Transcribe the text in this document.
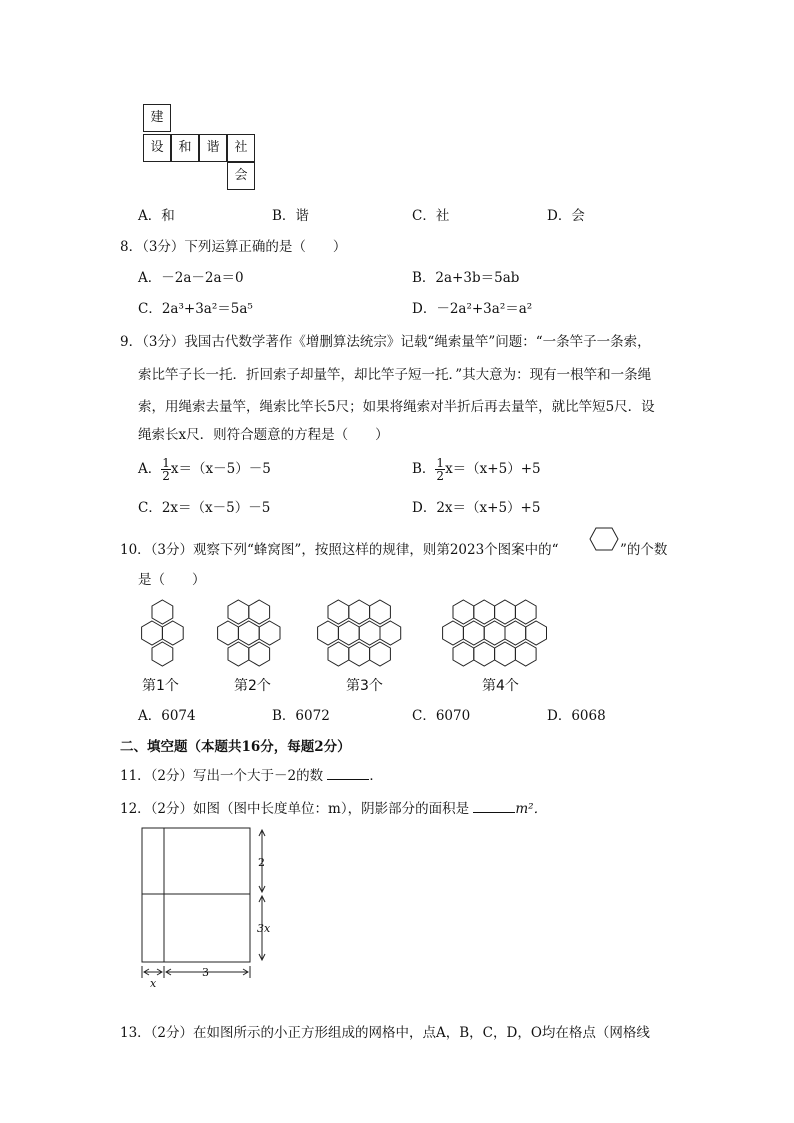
建
设	和	谐	社
会
A．和	B．谐	C．社	D．会
8．（3分）下列运算正确的是（　　）
A．－2a－2a＝0	B．2a+3b＝5ab
C．2a³+3a²＝5a⁵	D．－2a²+3a²＝a²
9．（3分）我国古代数学著作《增删算法统宗》记载“绳索量竿”问题：“一条竿子一条索，
索比竿子长一托．折回索子却量竿，却比竿子短一托．”其大意为：现有一根竿和一条绳
索，用绳索去量竿，绳索比竿长5尺；如果将绳索对半折后再去量竿，就比竿短5尺．设
绳索长x尺．则符合题意的方程是（　　）
A． $\frac{1}{2} x=(x-5)-5$	B． $\frac{1}{2} x=(x+5)+5$
C．2x＝（x－5）－5	D．2x＝（x+5）+5
10．（3分）观察下列“蜂窝图”，按照这样的规律，则第2023个图案中的“	”的个数
是（　　）
第1个	第2个	第3个	第4个
A．6074	B．6072	C．6070	D．6068
二、填空题（本题共16分，每题2分）
11．（2分）写出一个大于－2的数	．
12．（2分）如图（图中长度单位：m），阴影部分的面积是	m²．
2
3x
3
x
13．（2分）在如图所示的小正方形组成的网格中，点A，B，C，D，O均在格点（网格线
